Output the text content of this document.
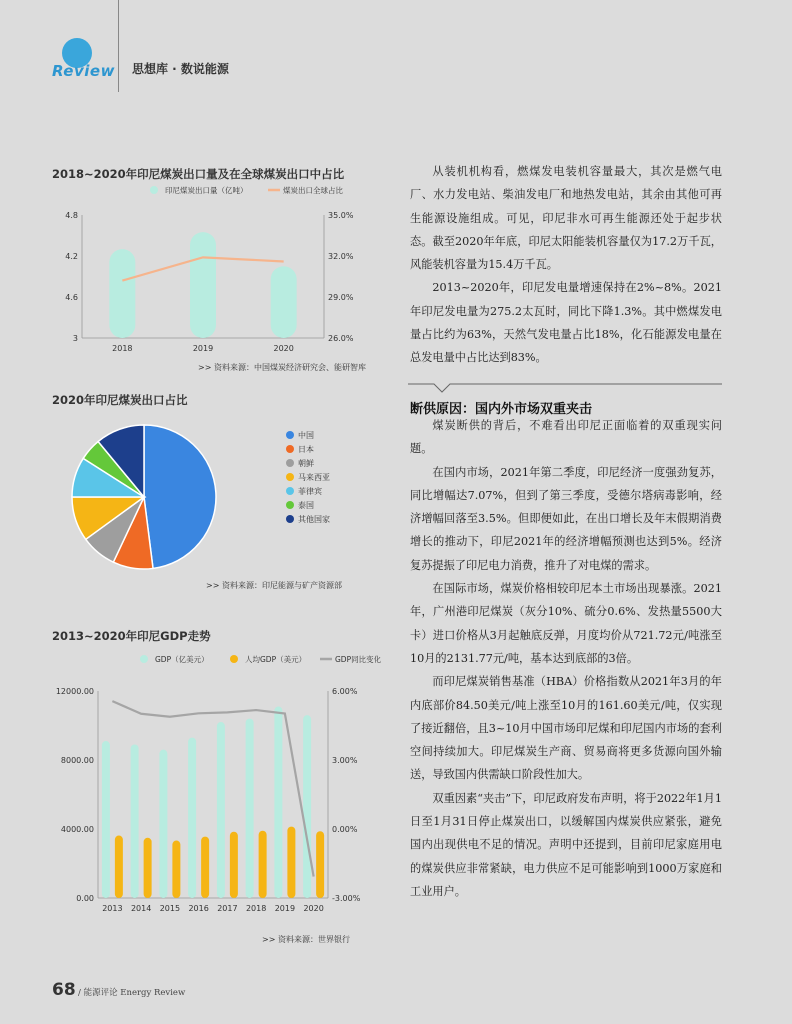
Review 思想库 · 数说能源
2018~2020年印尼煤炭出口量及在全球煤炭出口中占比
4.8
4.2
4.6
3
35.0%
32.0%
29.0%
26.0%
2018	2019	2020
印尼煤炭出口量（亿吨）	煤炭出口全球占比
>> 资料来源：中国煤炭经济研究会、能研智库
2020年印尼煤炭出口占比
中国
日本
朝鲜
马来西亚
菲律宾
泰国
其他国家
>> 资料来源：印尼能源与矿产资源部
2013~2020年印尼GDP走势
12000.00
8000.00
4000.00
0.00
6.00%
3.00%
0.00%
-3.00%
2013 2014 2015 2016 2017 2018 2019 2020
GDP（亿美元）	人均GDP（美元）	GDP同比变化
>> 资料来源：世界银行

从装机机构看，燃煤发电装机容量最大，其次是燃气电厂、水力发电站、柴油发电厂和地热发电站，其余由其他可再生能源设施组成。可见，印尼非水可再生能源还处于起步状态。截至2020年年底，印尼太阳能装机容量仅为17.2万千瓦，风能装机容量为15.4万千瓦。

2013~2020年，印尼发电量增速保持在2%~8%。2021年印尼发电量为275.2太瓦时，同比下降1.3%。其中燃煤发电量占比约为63%，天然气发电量占比18%，化石能源发电量在总发电量中占比达到83%。

断供原因：国内外市场双重夹击

煤炭断供的背后，不难看出印尼正面临着的双重现实问题。

在国内市场，2021年第二季度，印尼经济一度强劲复苏，同比增幅达7.07%，但到了第三季度，受德尔塔病毒影响，经济增幅回落至3.5%。但即便如此，在出口增长及年末假期消费增长的推动下，印尼2021年的经济增幅预测也达到5%。经济复苏提振了印尼电力消费，推升了对电煤的需求。

在国际市场，煤炭价格相较印尼本土市场出现暴涨。2021年，广州港印尼煤炭（灰分10%、硫分0.6%、发热量5500大卡）进口价格从3月起触底反弹，月度均价从721.72元/吨涨至10月的2131.77元/吨，基本达到底部的3倍。

而印尼煤炭销售基准（HBA）价格指数从2021年3月的年内底部价84.50美元/吨上涨至10月的161.60美元/吨，仅实现了接近翻倍，且3~10月中国市场印尼煤和印尼国内市场的套利空间持续加大。印尼煤炭生产商、贸易商将更多货源向国外输送，导致国内供需缺口阶段性加大。

双重因素“夹击”下，印尼政府发布声明，将于2022年1月1日至1月31日停止煤炭出口，以缓解国内煤炭供应紧张，避免国内出现供电不足的情况。声明中还提到，目前印尼家庭用电的煤炭供应非常紧缺，电力供应不足可能影响到1000万家庭和工业用户。

68 / 能源评论 Energy Review
